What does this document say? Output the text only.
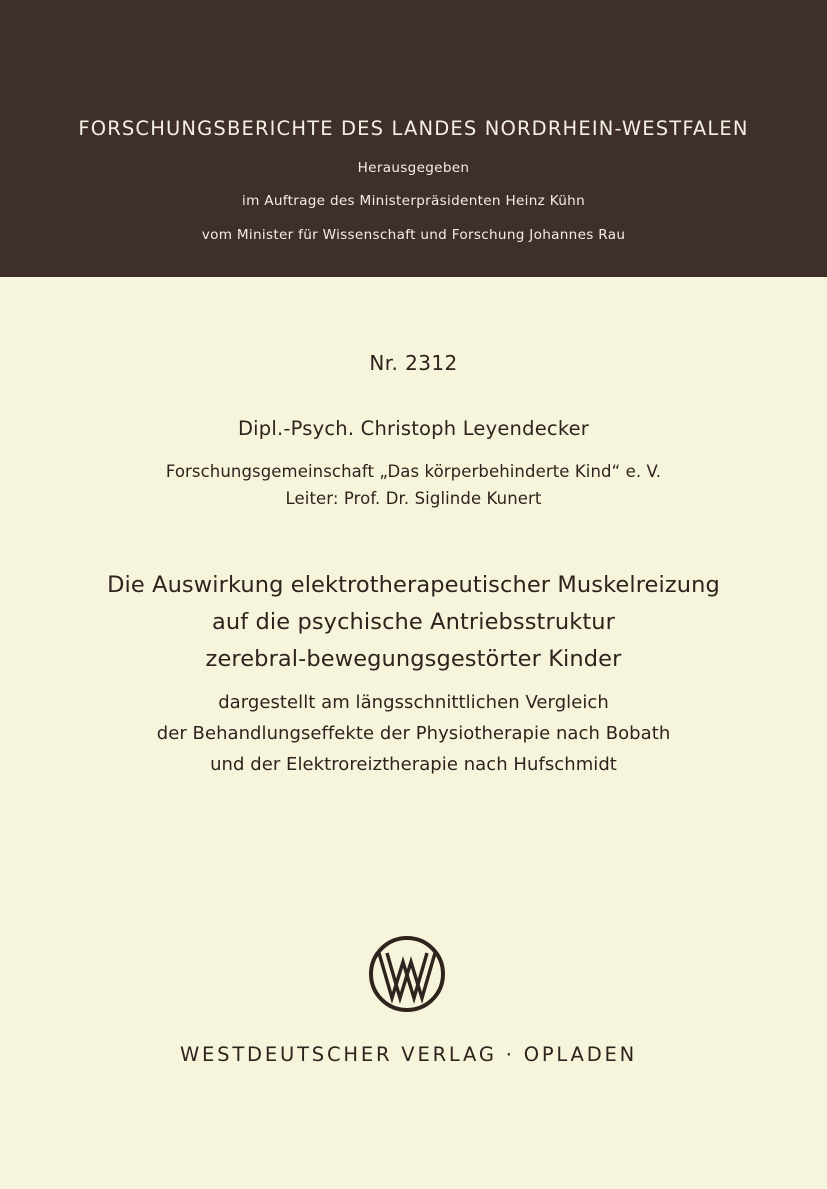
FORSCHUNGSBERICHTE DES LANDES NORDRHEIN-WESTFALEN
Herausgegeben
im Auftrage des Ministerpräsidenten Heinz Kühn
vom Minister für Wissenschaft und Forschung Johannes Rau
Nr. 2312
Dipl.-Psych. Christoph Leyendecker
Forschungsgemeinschaft „Das körperbehinderte Kind“ e. V.
Leiter: Prof. Dr. Siglinde Kunert
Die Auswirkung elektrotherapeutischer Muskelreizung
auf die psychische Antriebsstruktur
zerebral-bewegungsgestörter Kinder
dargestellt am längsschnittlichen Vergleich
der Behandlungseffekte der Physiotherapie nach Bobath
und der Elektroreiztherapie nach Hufschmidt
WESTDEUTSCHER VERLAG · OPLADEN
